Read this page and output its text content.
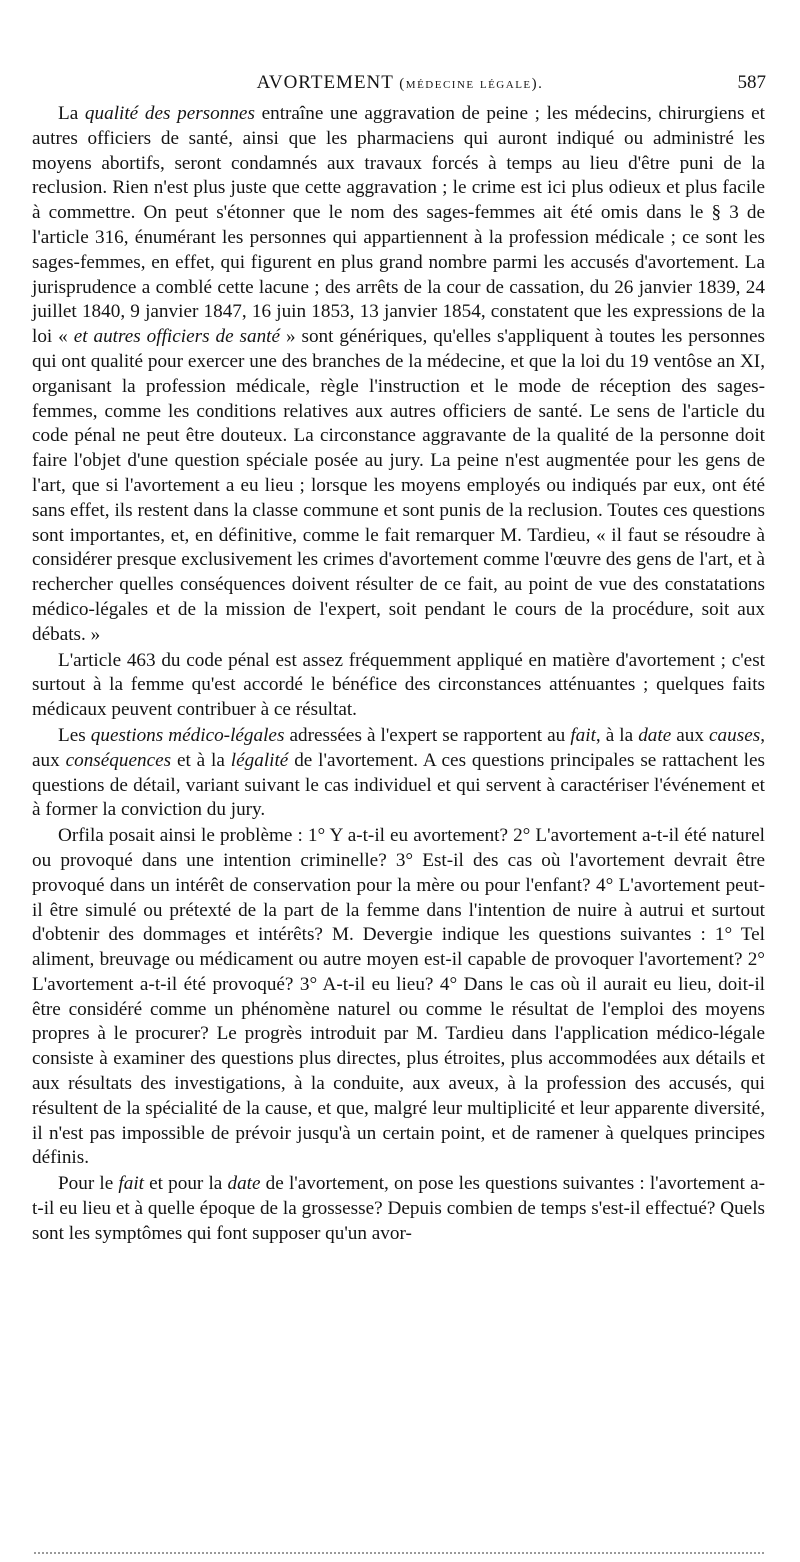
AVORTEMENT (médecine légale).	587

La qualité des personnes entraîne une aggravation de peine ; les médecins, chirurgiens et autres officiers de santé, ainsi que les pharmaciens qui auront indiqué ou administré les moyens abortifs, seront condamnés aux travaux forcés à temps au lieu d'être puni de la reclusion. Rien n'est plus juste que cette aggravation ; le crime est ici plus odieux et plus facile à commettre. On peut s'étonner que le nom des sages-femmes ait été omis dans le § 3 de l'article 316, énumérant les personnes qui appartiennent à la profession médicale ; ce sont les sages-femmes, en effet, qui figurent en plus grand nombre parmi les accusés d'avortement. La jurisprudence a comblé cette lacune ; des arrêts de la cour de cassation, du 26 janvier 1839, 24 juillet 1840, 9 janvier 1847, 16 juin 1853, 13 janvier 1854, constatent que les expressions de la loi « et autres officiers de santé » sont génériques, qu'elles s'appliquent à toutes les personnes qui ont qualité pour exercer une des branches de la médecine, et que la loi du 19 ventôse an XI, organisant la profession médicale, règle l'instruction et le mode de réception des sages-femmes, comme les conditions relatives aux autres officiers de santé. Le sens de l'article du code pénal ne peut être douteux. La circonstance aggravante de la qualité de la personne doit faire l'objet d'une question spéciale posée au jury. La peine n'est augmentée pour les gens de l'art, que si l'avortement a eu lieu ; lorsque les moyens employés ou indiqués par eux, ont été sans effet, ils restent dans la classe commune et sont punis de la reclusion. Toutes ces questions sont importantes, et, en définitive, comme le fait remarquer M. Tardieu, « il faut se résoudre à considérer presque exclusivement les crimes d'avortement comme l'œuvre des gens de l'art, et à rechercher quelles conséquences doivent résulter de ce fait, au point de vue des constatations médico-légales et de la mission de l'expert, soit pendant le cours de la procédure, soit aux débats. »

L'article 463 du code pénal est assez fréquemment appliqué en matière d'avortement ; c'est surtout à la femme qu'est accordé le bénéfice des circonstances atténuantes ; quelques faits médicaux peuvent contribuer à ce résultat.

Les questions médico-légales adressées à l'expert se rapportent au fait, à la date aux causes, aux conséquences et à la légalité de l'avortement. A ces questions principales se rattachent les questions de détail, variant suivant le cas individuel et qui servent à caractériser l'événement et à former la conviction du jury.

Orfila posait ainsi le problème : 1° Y a-t-il eu avortement? 2° L'avortement a-t-il été naturel ou provoqué dans une intention criminelle? 3° Est-il des cas où l'avortement devrait être provoqué dans un intérêt de conservation pour la mère ou pour l'enfant? 4° L'avortement peut-il être simulé ou prétexté de la part de la femme dans l'intention de nuire à autrui et surtout d'obtenir des dommages et intérêts? M. Devergie indique les questions suivantes : 1° Tel aliment, breuvage ou médicament ou autre moyen est-il capable de provoquer l'avortement? 2° L'avortement a-t-il été provoqué? 3° A-t-il eu lieu? 4° Dans le cas où il aurait eu lieu, doit-il être considéré comme un phénomène naturel ou comme le résultat de l'emploi des moyens propres à le procurer? Le progrès introduit par M. Tardieu dans l'application médico-légale consiste à examiner des questions plus directes, plus étroites, plus accommodées aux détails et aux résultats des investigations, à la conduite, aux aveux, à la profession des accusés, qui résultent de la spécialité de la cause, et que, malgré leur multiplicité et leur apparente diversité, il n'est pas impossible de prévoir jusqu'à un certain point, et de ramener à quelques principes définis.

Pour le fait et pour la date de l'avortement, on pose les questions suivantes : l'avortement a-t-il eu lieu et à quelle époque de la grossesse? Depuis combien de temps s'est-il effectué? Quels sont les symptômes qui font supposer qu'un avor-
